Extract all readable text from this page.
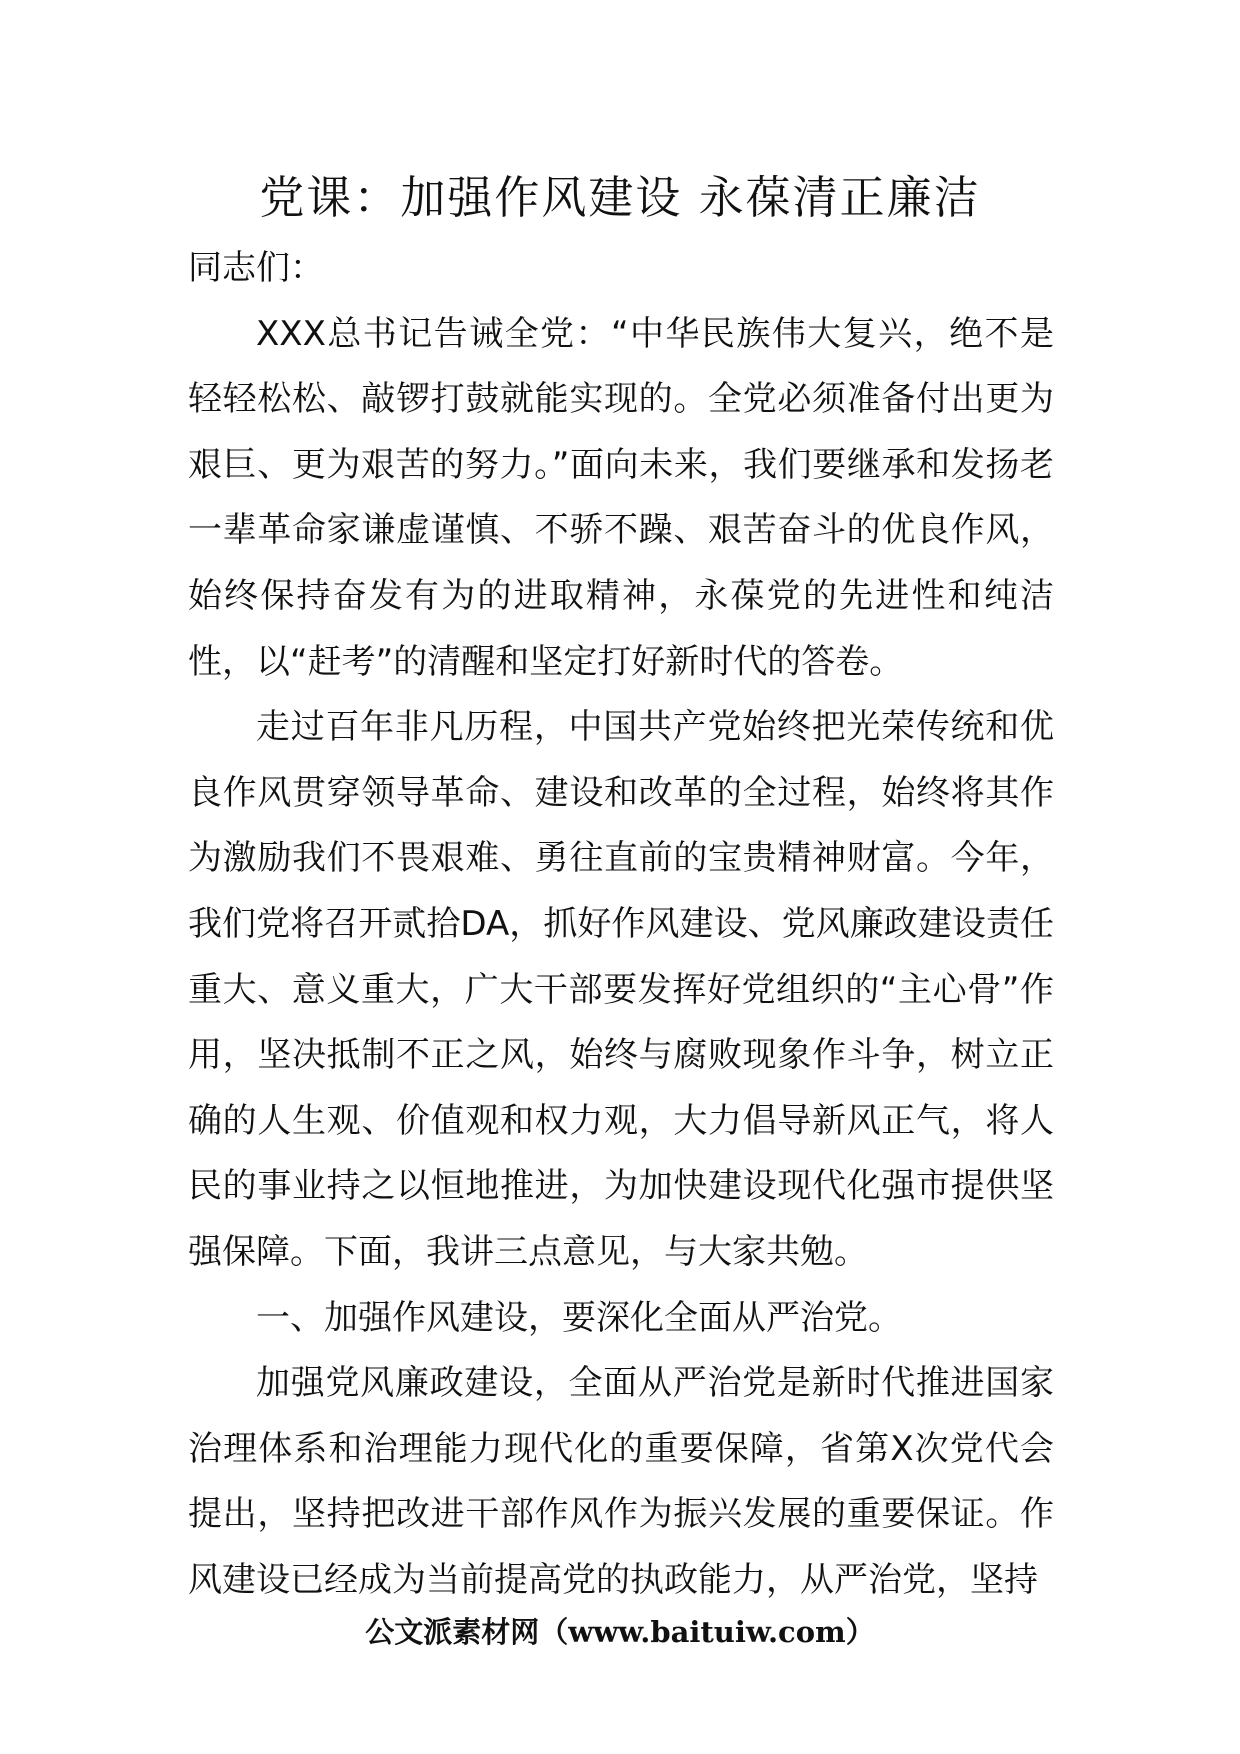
党课：加强作风建设 永葆清正廉洁

同志们：

XXX总书记告诫全党：“中华民族伟大复兴，绝不是轻轻松松、敲锣打鼓就能实现的。全党必须准备付出更为艰巨、更为艰苦的努力。”面向未来，我们要继承和发扬老一辈革命家谦虚谨慎、不骄不躁、艰苦奋斗的优良作风，始终保持奋发有为的进取精神，永葆党的先进性和纯洁性，以“赶考”的清醒和坚定打好新时代的答卷。

走过百年非凡历程，中国共产党始终把光荣传统和优良作风贯穿领导革命、建设和改革的全过程，始终将其作为激励我们不畏艰难、勇往直前的宝贵精神财富。今年，我们党将召开贰拾DA，抓好作风建设、党风廉政建设责任重大、意义重大，广大干部要发挥好党组织的“主心骨”作用，坚决抵制不正之风，始终与腐败现象作斗争，树立正确的人生观、价值观和权力观，大力倡导新风正气，将人民的事业持之以恒地推进，为加快建设现代化强市提供坚强保障。下面，我讲三点意见，与大家共勉。

一、加强作风建设，要深化全面从严治党。

加强党风廉政建设，全面从严治党是新时代推进国家治理体系和治理能力现代化的重要保障，省第X次党代会提出，坚持把改进干部作风作为振兴发展的重要保证。作风建设已经成为当前提高党的执政能力，从严治党，坚持

公文派素材网（www.baituiw.com）
